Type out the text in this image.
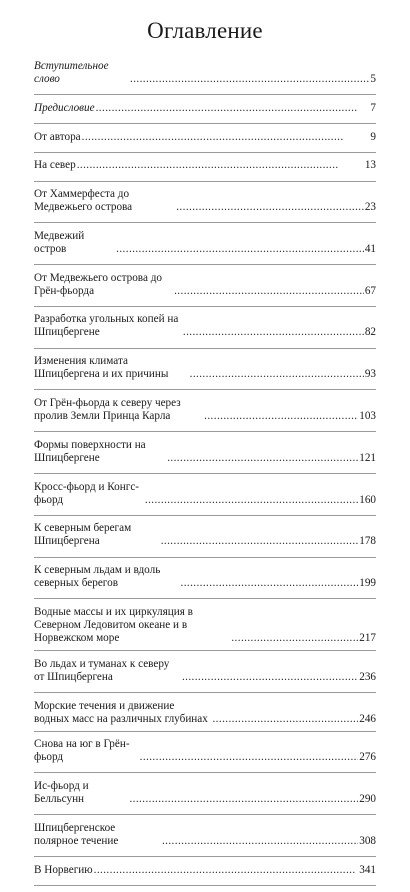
Оглавление
Вступительное слово . . .	5
Предисловие . . .	7
От автора . . .	9
На север . . .	13
От Хаммерфеста до Медвежьего острова . . .	23
Медвежий остров . . .	41
От Медвежьего острова до Грён-фьорда . . .	67
Разработка угольных копей на Шпицбергене . . .	82
Изменения климата Шпицбергена и их причины . . .	93
От Грён-фьорда к северу через пролив Земли Принца Карла . . .	103
Формы поверхности на Шпицбергене . . .	121
Кросс-фьорд и Конгс-фьорд . . .	160
К северным берегам Шпицбергена . . .	178
К северным льдам и вдоль северных берегов . . .	199
Водные массы и их циркуляция в Северном Ледовитом океане и в Норвежском море . . .	217
Во льдах и туманах к северу от Шпицбергена . . .	236
Морские течения и движение водных масс на различных глубинах . . .	246
Снова на юг в Грён-фьорд . . .	276
Ис-фьорд и Белльсунн . . .	290
Шпицбергенское полярное течение . . .	308
В Норвегию . . .	341
